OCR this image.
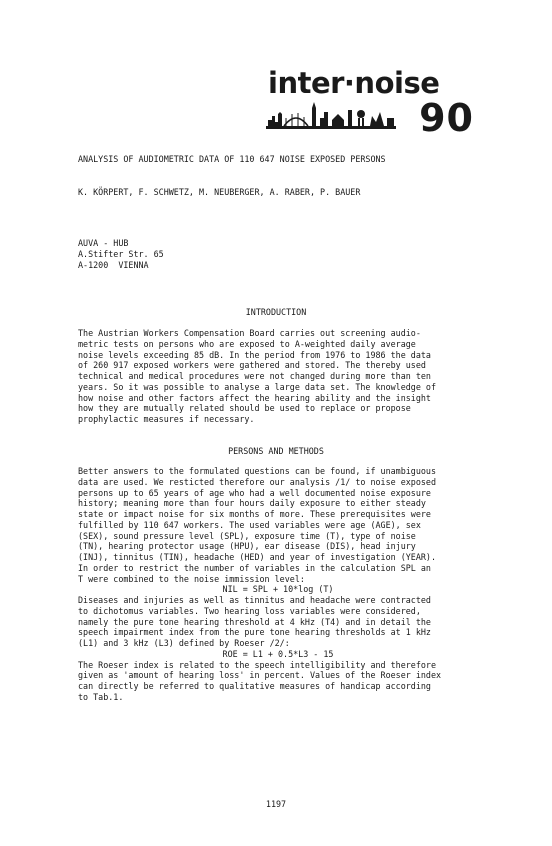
inter·noise
90
ANALYSIS OF AUDIOMETRIC DATA OF 110 647 NOISE EXPOSED PERSONS
K. KÖRPERT, F. SCHWETZ, M. NEUBERGER, A. RABER, P. BAUER
AUVA - HUB
A.Stifter Str. 65
A-1200  VIENNA
INTRODUCTION
The Austrian Workers Compensation Board carries out screening audio-
metric tests on persons who are exposed to A-weighted daily average
noise levels exceeding 85 dB. In the period from 1976 to 1986 the data
of 260 917 exposed workers were gathered and stored. The thereby used
technical and medical procedures were not changed during more than ten
years. So it was possible to analyse a large data set. The knowledge of
how noise and other factors affect the hearing ability and the insight
how they are mutually related should be used to replace or propose
prophylactic measures if necessary.
PERSONS AND METHODS
Better answers to the formulated questions can be found, if unambiguous
data are used. We resticted therefore our analysis /1/ to noise exposed
persons up to 65 years of age who had a well documented noise exposure
history; meaning more than four hours daily exposure to either steady
state or impact noise for six months of more. These prerequisites were
fulfilled by 110 647 workers. The used variables were age (AGE), sex
(SEX), sound pressure level (SPL), exposure time (T), type of noise
(TN), hearing protector usage (HPU), ear disease (DIS), head injury
(INJ), tinnitus (TIN), headache (HED) and year of investigation (YEAR).
In order to restrict the number of variables in the calculation SPL an
T were combined to the noise immission level:
NIL = SPL + 10*log (T)
Diseases and injuries as well as tinnitus and headache were contracted
to dichotomus variables. Two hearing loss variables were considered,
namely the pure tone hearing threshold at 4 kHz (T4) and in detail the
speech impairment index from the pure tone hearing thresholds at 1 kHz
(L1) and 3 kHz (L3) defined by Roeser /2/:
ROE = L1 + 0.5*L3 - 15
The Roeser index is related to the speech intelligibility and therefore
given as 'amount of hearing loss' in percent. Values of the Roeser index
can directly be referred to qualitative measures of handicap according
to Tab.1.
1197
